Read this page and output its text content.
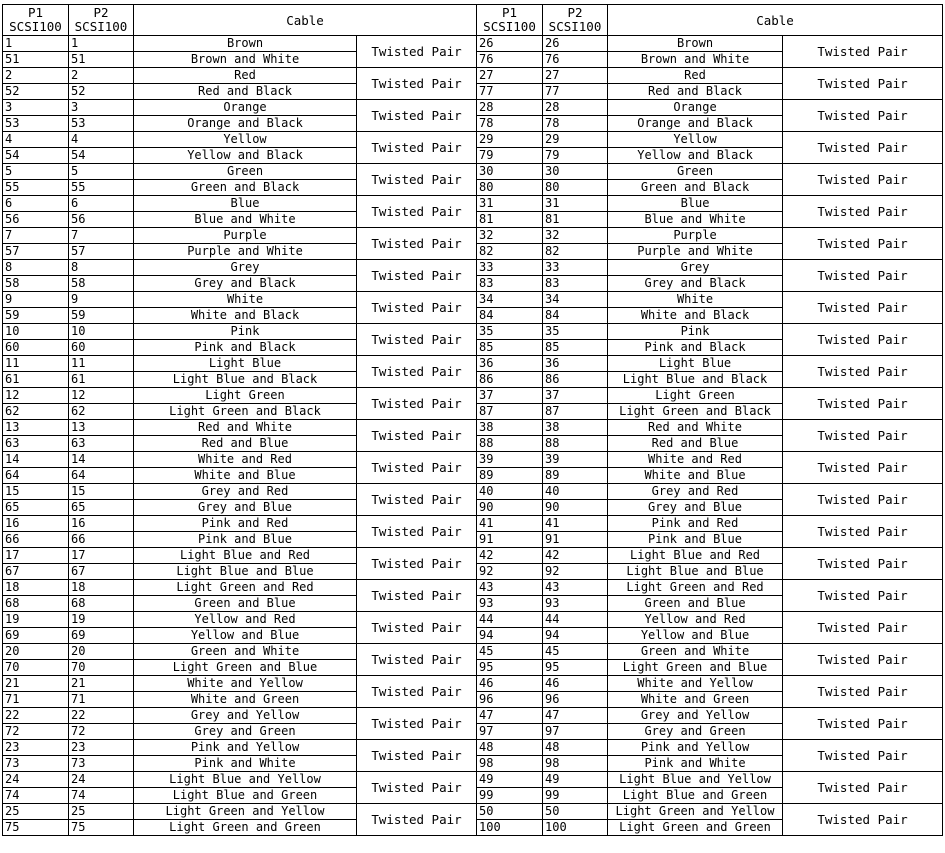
P1
SCSI100	P2
SCSI100	Cable		P1
SCSI100	P2
SCSI100	Cable	
1	1	Brown	Twisted Pair	26	26	Brown	Twisted Pair
51	51	Brown and White		76	76	Brown and White	
2	2	Red	Twisted Pair	27	27	Red	Twisted Pair
52	52	Red and Black		77	77	Red and Black	
3	3	Orange	Twisted Pair	28	28	Orange	Twisted Pair
53	53	Orange and Black		78	78	Orange and Black	
4	4	Yellow	Twisted Pair	29	29	Yellow	Twisted Pair
54	54	Yellow and Black		79	79	Yellow and Black	
5	5	Green	Twisted Pair	30	30	Green	Twisted Pair
55	55	Green and Black		80	80	Green and Black	
6	6	Blue	Twisted Pair	31	31	Blue	Twisted Pair
56	56	Blue and White		81	81	Blue and White	
7	7	Purple	Twisted Pair	32	32	Purple	Twisted Pair
57	57	Purple and White		82	82	Purple and White	
8	8	Grey	Twisted Pair	33	33	Grey	Twisted Pair
58	58	Grey and Black		83	83	Grey and Black	
9	9	White	Twisted Pair	34	34	White	Twisted Pair
59	59	White and Black		84	84	White and Black	
10	10	Pink	Twisted Pair	35	35	Pink	Twisted Pair
60	60	Pink and Black		85	85	Pink and Black	
11	11	Light Blue	Twisted Pair	36	36	Light Blue	Twisted Pair
61	61	Light Blue and Black		86	86	Light Blue and Black	
12	12	Light Green	Twisted Pair	37	37	Light Green	Twisted Pair
62	62	Light Green and Black		87	87	Light Green and Black	
13	13	Red and White	Twisted Pair	38	38	Red and White	Twisted Pair
63	63	Red and Blue		88	88	Red and Blue	
14	14	White and Red	Twisted Pair	39	39	White and Red	Twisted Pair
64	64	White and Blue		89	89	White and Blue	
15	15	Grey and Red	Twisted Pair	40	40	Grey and Red	Twisted Pair
65	65	Grey and Blue		90	90	Grey and Blue	
16	16	Pink and Red	Twisted Pair	41	41	Pink and Red	Twisted Pair
66	66	Pink and Blue		91	91	Pink and Blue	
17	17	Light Blue and Red	Twisted Pair	42	42	Light Blue and Red	Twisted Pair
67	67	Light Blue and Blue		92	92	Light Blue and Blue	
18	18	Light Green and Red	Twisted Pair	43	43	Light Green and Red	Twisted Pair
68	68	Green and Blue		93	93	Green and Blue	
19	19	Yellow and Red	Twisted Pair	44	44	Yellow and Red	Twisted Pair
69	69	Yellow and Blue		94	94	Yellow and Blue	
20	20	Green and White	Twisted Pair	45	45	Green and White	Twisted Pair
70	70	Light Green and Blue		95	95	Light Green and Blue	
21	21	White and Yellow	Twisted Pair	46	46	White and Yellow	Twisted Pair
71	71	White and Green		96	96	White and Green	
22	22	Grey and Yellow	Twisted Pair	47	47	Grey and Yellow	Twisted Pair
72	72	Grey and Green		97	97	Grey and Green	
23	23	Pink and Yellow	Twisted Pair	48	48	Pink and Yellow	Twisted Pair
73	73	Pink and White		98	98	Pink and White	
24	24	Light Blue and Yellow	Twisted Pair	49	49	Light Blue and Yellow	Twisted Pair
74	74	Light Blue and Green		99	99	Light Blue and Green	
25	25	Light Green and Yellow	Twisted Pair	50	50	Light Green and Yellow	Twisted Pair
75	75	Light Green and Green		100	100	Light Green and Green	
